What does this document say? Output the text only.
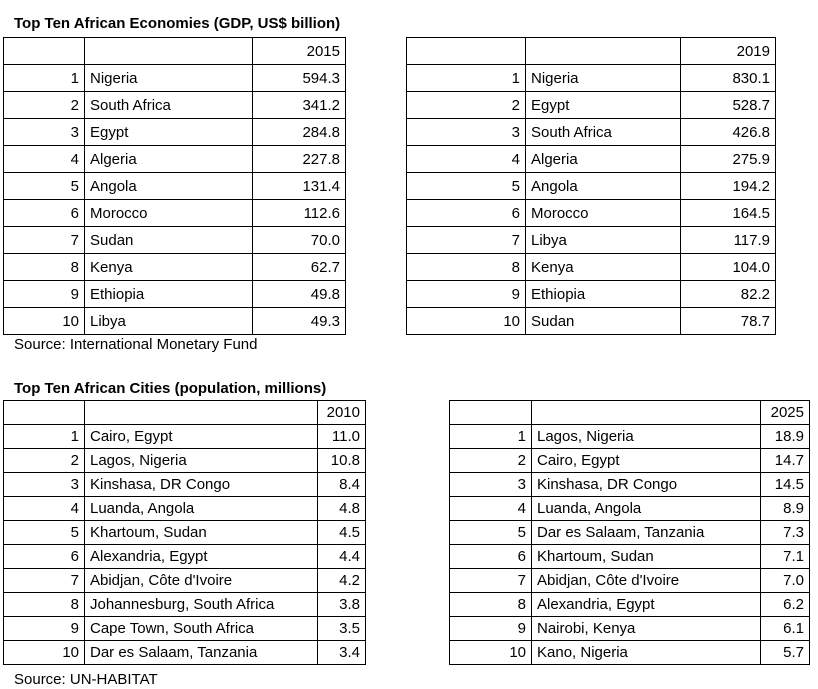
Top Ten African Economies (GDP, US$ billion)
		2015
1	Nigeria	594.3
2	South Africa	341.2
3	Egypt	284.8
4	Algeria	227.8
5	Angola	131.4
6	Morocco	112.6
7	Sudan	70.0
8	Kenya	62.7
9	Ethiopia	49.8
10	Libya	49.3
		2019
1	Nigeria	830.1
2	Egypt	528.7
3	South Africa	426.8
4	Algeria	275.9
5	Angola	194.2
6	Morocco	164.5
7	Libya	117.9
8	Kenya	104.0
9	Ethiopia	82.2
10	Sudan	78.7
Source: International Monetary Fund
Top Ten African Cities (population, millions)
		2010
1	Cairo, Egypt	11.0
2	Lagos, Nigeria	10.8
3	Kinshasa, DR Congo	8.4
4	Luanda, Angola	4.8
5	Khartoum, Sudan	4.5
6	Alexandria, Egypt	4.4
7	Abidjan, Côte d'Ivoire	4.2
8	Johannesburg, South Africa	3.8
9	Cape Town, South Africa	3.5
10	Dar es Salaam, Tanzania	3.4
		2025
1	Lagos, Nigeria	18.9
2	Cairo, Egypt	14.7
3	Kinshasa, DR Congo	14.5
4	Luanda, Angola	8.9
5	Dar es Salaam, Tanzania	7.3
6	Khartoum, Sudan	7.1
7	Abidjan, Côte d'Ivoire	7.0
8	Alexandria, Egypt	6.2
9	Nairobi, Kenya	6.1
10	Kano, Nigeria	5.7
Source: UN-HABITAT
